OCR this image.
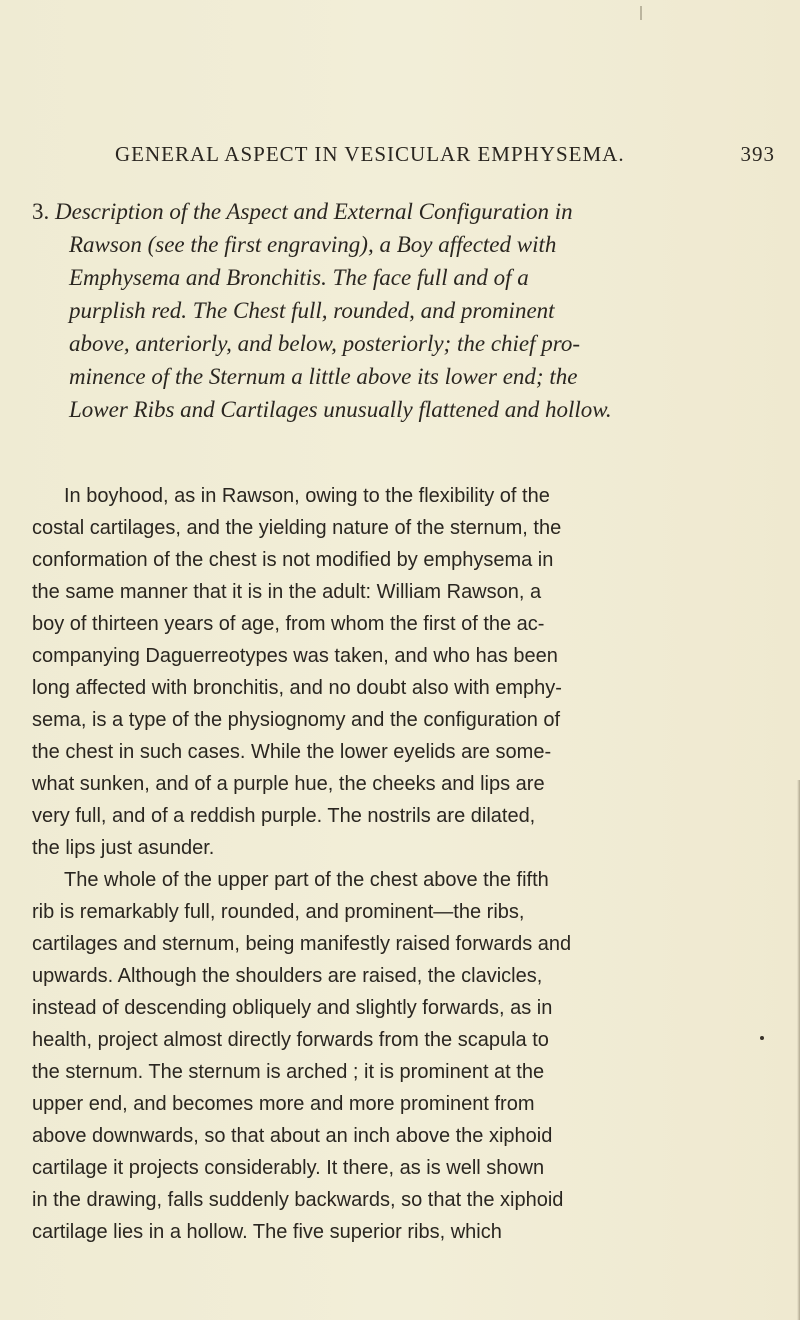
GENERAL ASPECT IN VESICULAR EMPHYSEMA.	393
3. Description of the Aspect and External Configuration in
Rawson (see the first engraving), a Boy affected with
Emphysema and Bronchitis. The face full and of a
purplish red. The Chest full, rounded, and prominent
above, anteriorly, and below, posteriorly; the chief pro-
minence of the Sternum a little above its lower end; the
Lower Ribs and Cartilages unusually flattened and hollow.
In boyhood, as in Rawson, owing to the flexibility of the
costal cartilages, and the yielding nature of the sternum, the
conformation of the chest is not modified by emphysema in
the same manner that it is in the adult: William Rawson, a
boy of thirteen years of age, from whom the first of the ac-
companying Daguerreotypes was taken, and who has been
long affected with bronchitis, and no doubt also with emphy-
sema, is a type of the physiognomy and the configuration of
the chest in such cases. While the lower eyelids are some-
what sunken, and of a purple hue, the cheeks and lips are
very full, and of a reddish purple. The nostrils are dilated,
the lips just asunder.
The whole of the upper part of the chest above the fifth
rib is remarkably full, rounded, and prominent—the ribs,
cartilages and sternum, being manifestly raised forwards and
upwards. Although the shoulders are raised, the clavicles,
instead of descending obliquely and slightly forwards, as in
health, project almost directly forwards from the scapula to
the sternum. The sternum is arched ; it is prominent at the
upper end, and becomes more and more prominent from
above downwards, so that about an inch above the xiphoid
cartilage it projects considerably. It there, as is well shown
in the drawing, falls suddenly backwards, so that the xiphoid
cartilage lies in a hollow. The five superior ribs, which
